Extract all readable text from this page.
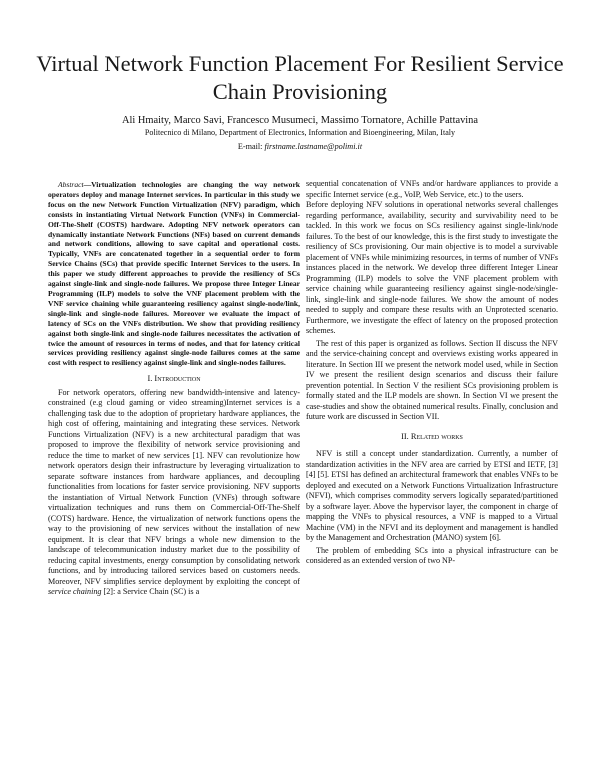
Virtual Network Function Placement For Resilient Service Chain Provisioning
Ali Hmaity, Marco Savi, Francesco Musumeci, Massimo Tornatore, Achille Pattavina
Politecnico di Milano, Department of Electronics, Information and Bioengineering, Milan, Italy
E-mail: firstname.lastname@polimi.it

Abstract—Virtualization technologies are changing the way network operators deploy and manage Internet services. In particular in this study we focus on the new Network Function Virtualization (NFV) paradigm, which consists in instantiating Virtual Network Function (VNFs) in Commercial-Off-The-Shelf (COSTS) hardware. Adopting NFV network operators can dynamically instantiate Network Functions (NFs) based on current demands and network conditions, allowing to save capital and operational costs. Typically, VNFs are concatenated together in a sequential order to form Service Chains (SCs) that provide specific Internet Services to the users. In this paper we study different approaches to provide the resiliency of SCs against single-link and single-node failures. We propose three Integer Linear Programming (ILP) models to solve the VNF placement problem with the VNF service chaining while guaranteeing resiliency against single-node/link, single-link and single-node failures. Moreover we evaluate the impact of latency of SCs on the VNFs distribution. We show that providing resiliency against both single-link and single-node failures necessitates the activation of twice the amount of resources in terms of nodes, and that for latency critical services providing resiliency against single-node failures comes at the same cost with respect to resiliency against single-link and single-nodes failures.

I. Introduction

For network operators, offering new bandwidth-intensive and latency-constrained (e.g cloud gaming or video streaming)Internet services is a challenging task due to the adoption of proprietary hardware appliances, the high cost of offering, maintaining and integrating these services. Network Functions Virtualization (NFV) is a new architectural paradigm that was proposed to improve the flexibility of network service provisioning and reduce the time to market of new services [1]. NFV can revolutionize how network operators design their infrastructure by leveraging virtualization to separate software instances from hardware appliances, and decoupling functionalities from locations for faster service provisioning. NFV supports the instantiation of Virtual Network Function (VNFs) through software virtualization techniques and runs them on Commercial-Off-The-Shelf (COTS) hardware. Hence, the virtualization of network functions opens the way to the provisioning of new services without the installation of new equipment. It is clear that NFV brings a whole new dimension to the landscape of telecommunication industry market due to the possibility of reducing capital investments, energy consumption by consolidating network functions, and by introducing tailored services based on customers needs. Moreover, NFV simplifies service deployment by exploiting the concept of service chaining [2]: a Service Chain (SC) is a

sequential concatenation of VNFs and/or hardware appliances to provide a specific Internet service (e.g., VoIP, Web Service, etc.) to the users.

Before deploying NFV solutions in operational networks several challenges regarding performance, availability, security and survivability need to be tackled. In this work we focus on SCs resiliency against single-link/node failures. To the best of our knowledge, this is the first study to investigate the resiliency of SCs provisioning. Our main objective is to model a survivable placement of VNFs while minimizing resources, in terms of number of VNFs instances placed in the network. We develop three different Integer Linear Programming (ILP) models to solve the VNF placement problem with service chaining while guaranteeing resiliency against single-node/single-link, single-link and single-node failures. We show the amount of nodes needed to supply and compare these results with an Unprotected scenario. Furthermore, we investigate the effect of latency on the proposed protection schemes.

The rest of this paper is organized as follows. Section II discuss the NFV and the service-chaining concept and overviews existing works appeared in literature. In Section III we present the network model used, while in Section IV we present the resilient design scenarios and discuss their failure prevention potential. In Section V the resilient SCs provisioning problem is formally stated and the ILP models are shown. In Section VI we present the case-studies and show the obtained numerical results. Finally, conclusion and future work are discussed in Section VII.

II. Related works

NFV is still a concept under standardization. Currently, a number of standardization activities in the NFV area are carried by ETSI and IETF, [3] [4] [5]. ETSI has defined an architectural framework that enables VNFs to be deployed and executed on a Network Functions Virtualization Infrastructure (NFVI), which comprises commodity servers logically separated/partitioned by a software layer. Above the hypervisor layer, the component in charge of mapping the VNFs to physical resources, a VNF is mapped to a Virtual Machine (VM) in the NFVI and its deployment and management is handled by the Management and Orchestration (MANO) system [6].

The problem of embedding SCs into a physical infrastructure can be considered as an extended version of two NP-
